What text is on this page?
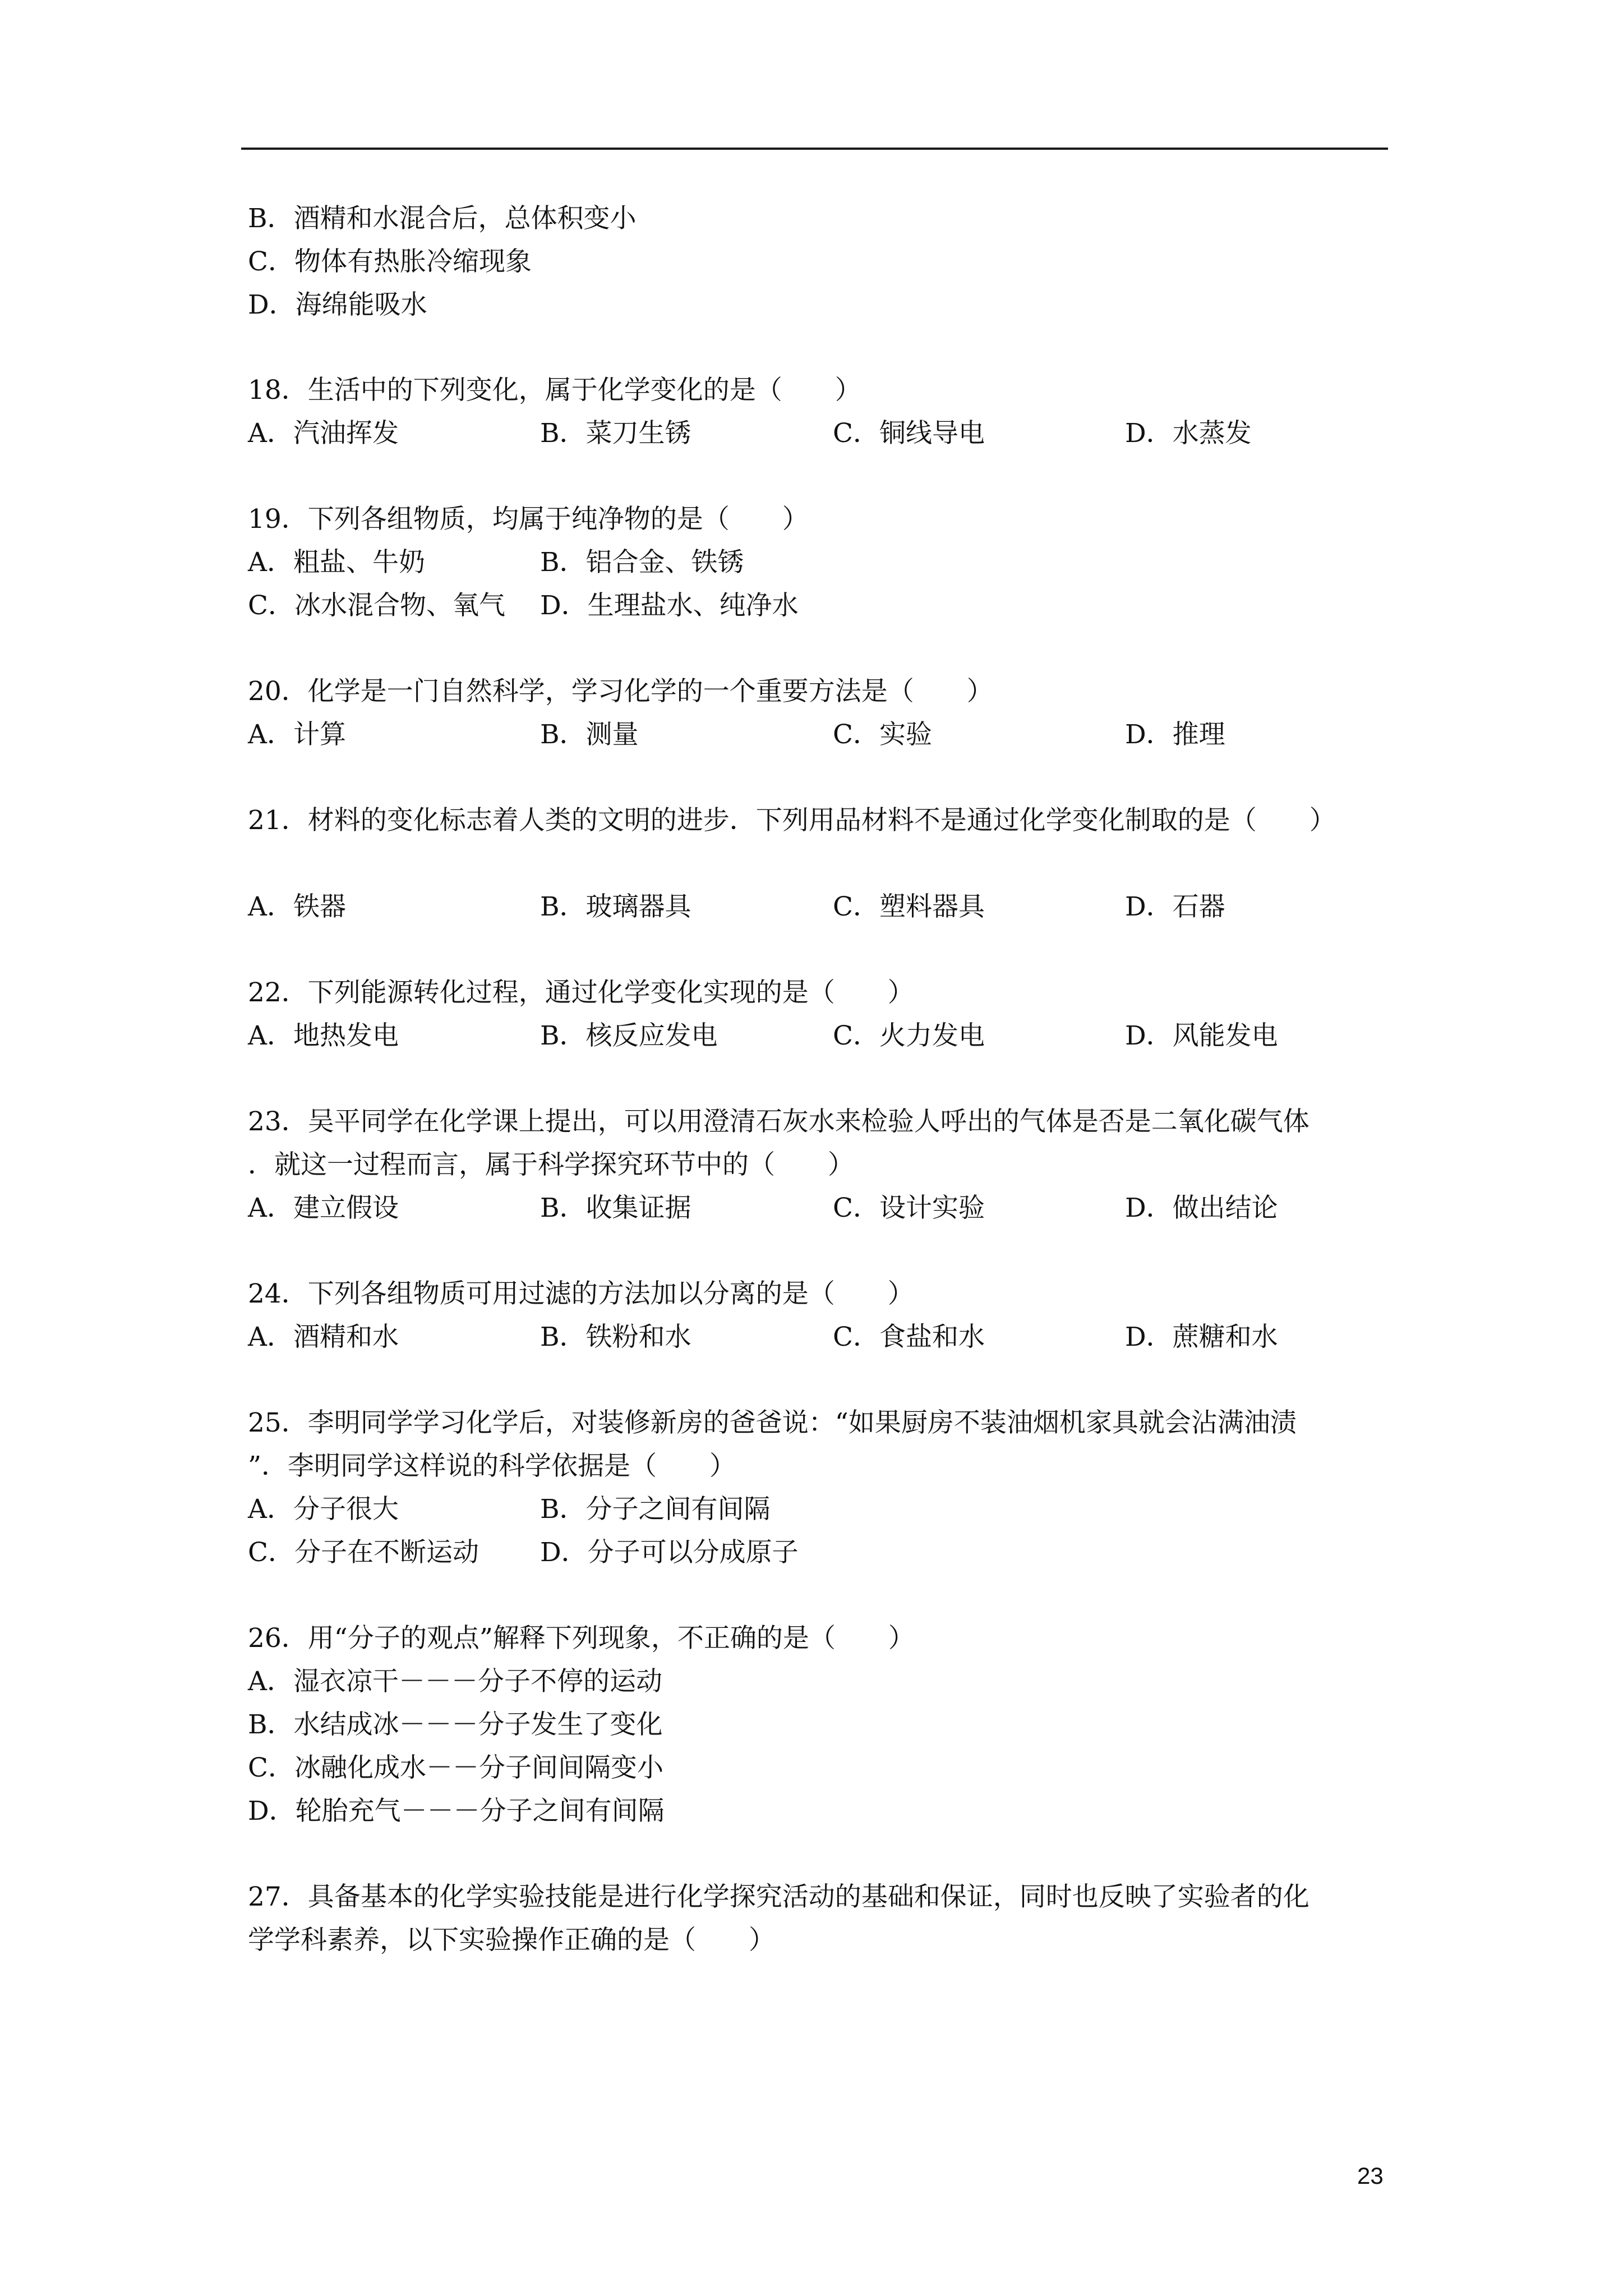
B．酒精和水混合后，总体积变小
C．物体有热胀冷缩现象
D．海绵能吸水
18．生活中的下列变化，属于化学变化的是（　　）
A．汽油挥发	B．菜刀生锈	C．铜线导电	D．水蒸发
19．下列各组物质，均属于纯净物的是（　　）
A．粗盐、牛奶	B．铝合金、铁锈
C．冰水混合物、氧气 D．生理盐水、纯净水
20．化学是一门自然科学，学习化学的一个重要方法是（　　）
A．计算	B．测量	C．实验	D．推理
21．材料的变化标志着人类的文明的进步．下列用品材料不是通过化学变化制取的是（　　）
A．铁器	B．玻璃器具	C．塑料器具	D．石器
22．下列能源转化过程，通过化学变化实现的是（　　）
A．地热发电	B．核反应发电	C．火力发电	D．风能发电
23．吴平同学在化学课上提出，可以用澄清石灰水来检验人呼出的气体是否是二氧化碳气体
．就这一过程而言，属于科学探究环节中的（　　）
A．建立假设	B．收集证据	C．设计实验	D．做出结论
24．下列各组物质可用过滤的方法加以分离的是（　　）
A．酒精和水	B．铁粉和水	C．食盐和水	D．蔗糖和水
25．李明同学学习化学后，对装修新房的爸爸说：“如果厨房不装油烟机家具就会沾满油渍
”．李明同学这样说的科学依据是（　　）
A．分子很大	B．分子之间有间隔
C．分子在不断运动 D．分子可以分成原子
26．用“分子的观点”解释下列现象，不正确的是（　　）
A．湿衣凉干－－－分子不停的运动
B．水结成冰－－－分子发生了变化
C．冰融化成水－－分子间间隔变小
D．轮胎充气－－－分子之间有间隔
27．具备基本的化学实验技能是进行化学探究活动的基础和保证，同时也反映了实验者的化
学学科素养，以下实验操作正确的是（　　）
23
